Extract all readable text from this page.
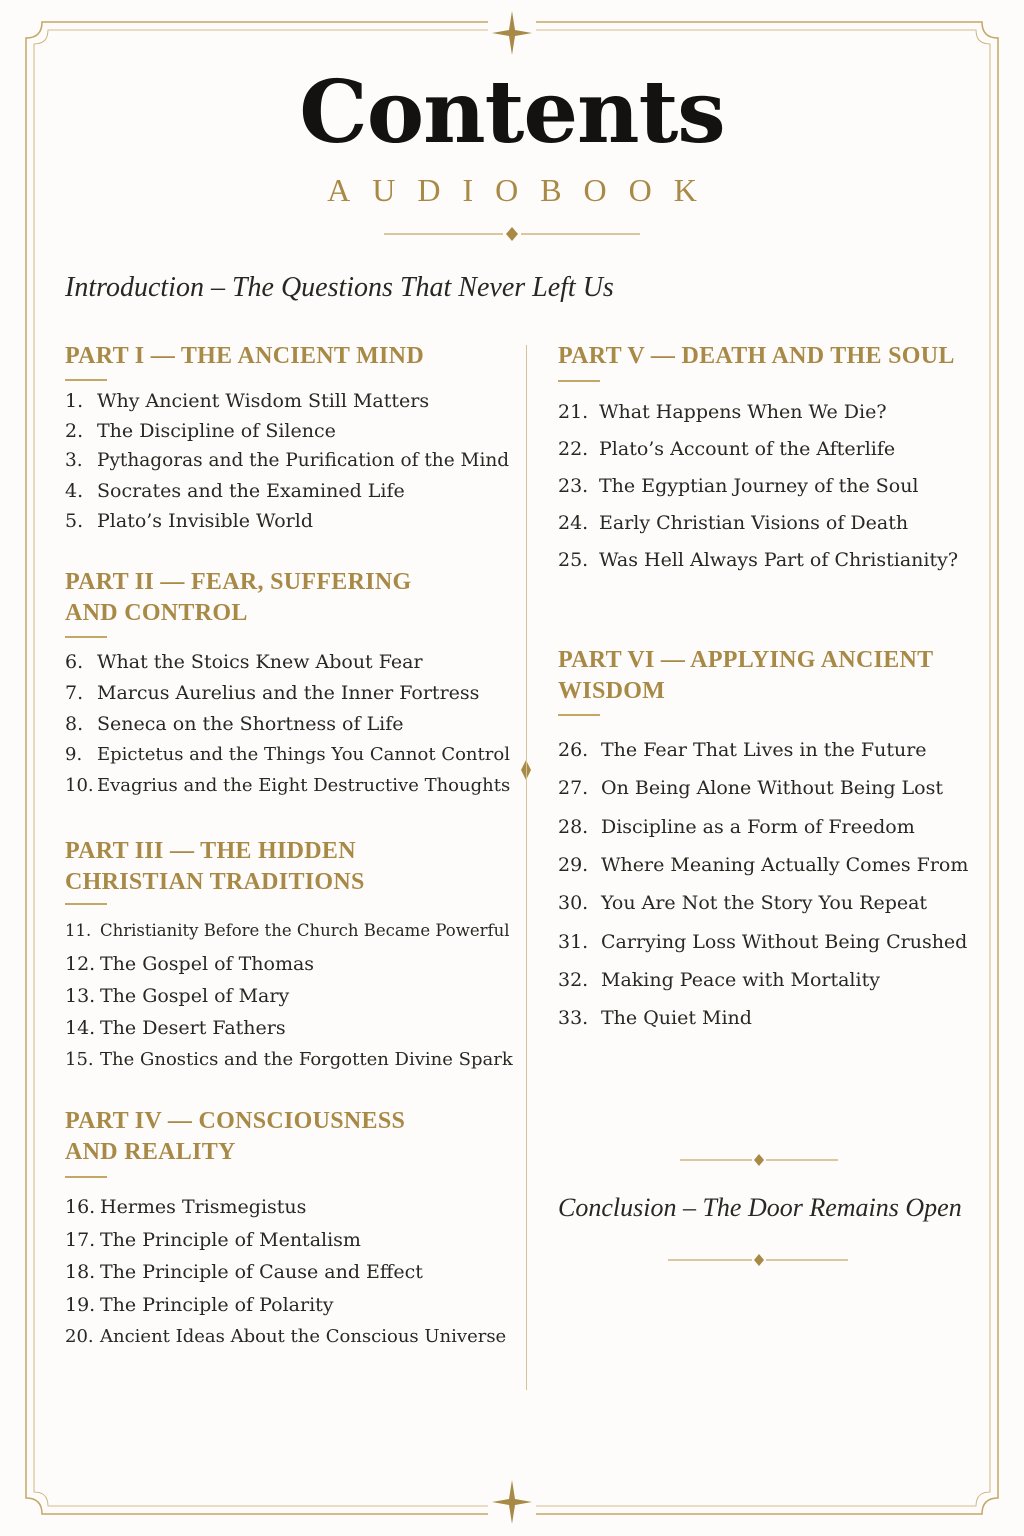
Contents
AUDIOBOOK
Introduction – The Questions That Never Left Us
PART I — THE ANCIENT MIND
1. Why Ancient Wisdom Still Matters
2. The Discipline of Silence
3. Pythagoras and the Purification of the Mind
4. Socrates and the Examined Life
5. Plato’s Invisible World
PART II — FEAR, SUFFERING
AND CONTROL
6. What the Stoics Knew About Fear
7. Marcus Aurelius and the Inner Fortress
8. Seneca on the Shortness of Life
9. Epictetus and the Things You Cannot Control
10. Evagrius and the Eight Destructive Thoughts
PART III — THE HIDDEN
CHRISTIAN TRADITIONS
11. Christianity Before the Church Became Powerful
12. The Gospel of Thomas
13. The Gospel of Mary
14. The Desert Fathers
15. The Gnostics and the Forgotten Divine Spark
PART IV — CONSCIOUSNESS
AND REALITY
16. Hermes Trismegistus
17. The Principle of Mentalism
18. The Principle of Cause and Effect
19. The Principle of Polarity
20. Ancient Ideas About the Conscious Universe
PART V — DEATH AND THE SOUL
21. What Happens When We Die?
22. Plato’s Account of the Afterlife
23. The Egyptian Journey of the Soul
24. Early Christian Visions of Death
25. Was Hell Always Part of Christianity?
PART VI — APPLYING ANCIENT
WISDOM
26. The Fear That Lives in the Future
27. On Being Alone Without Being Lost
28. Discipline as a Form of Freedom
29. Where Meaning Actually Comes From
30. You Are Not the Story You Repeat
31. Carrying Loss Without Being Crushed
32. Making Peace with Mortality
33. The Quiet Mind
Conclusion – The Door Remains Open
